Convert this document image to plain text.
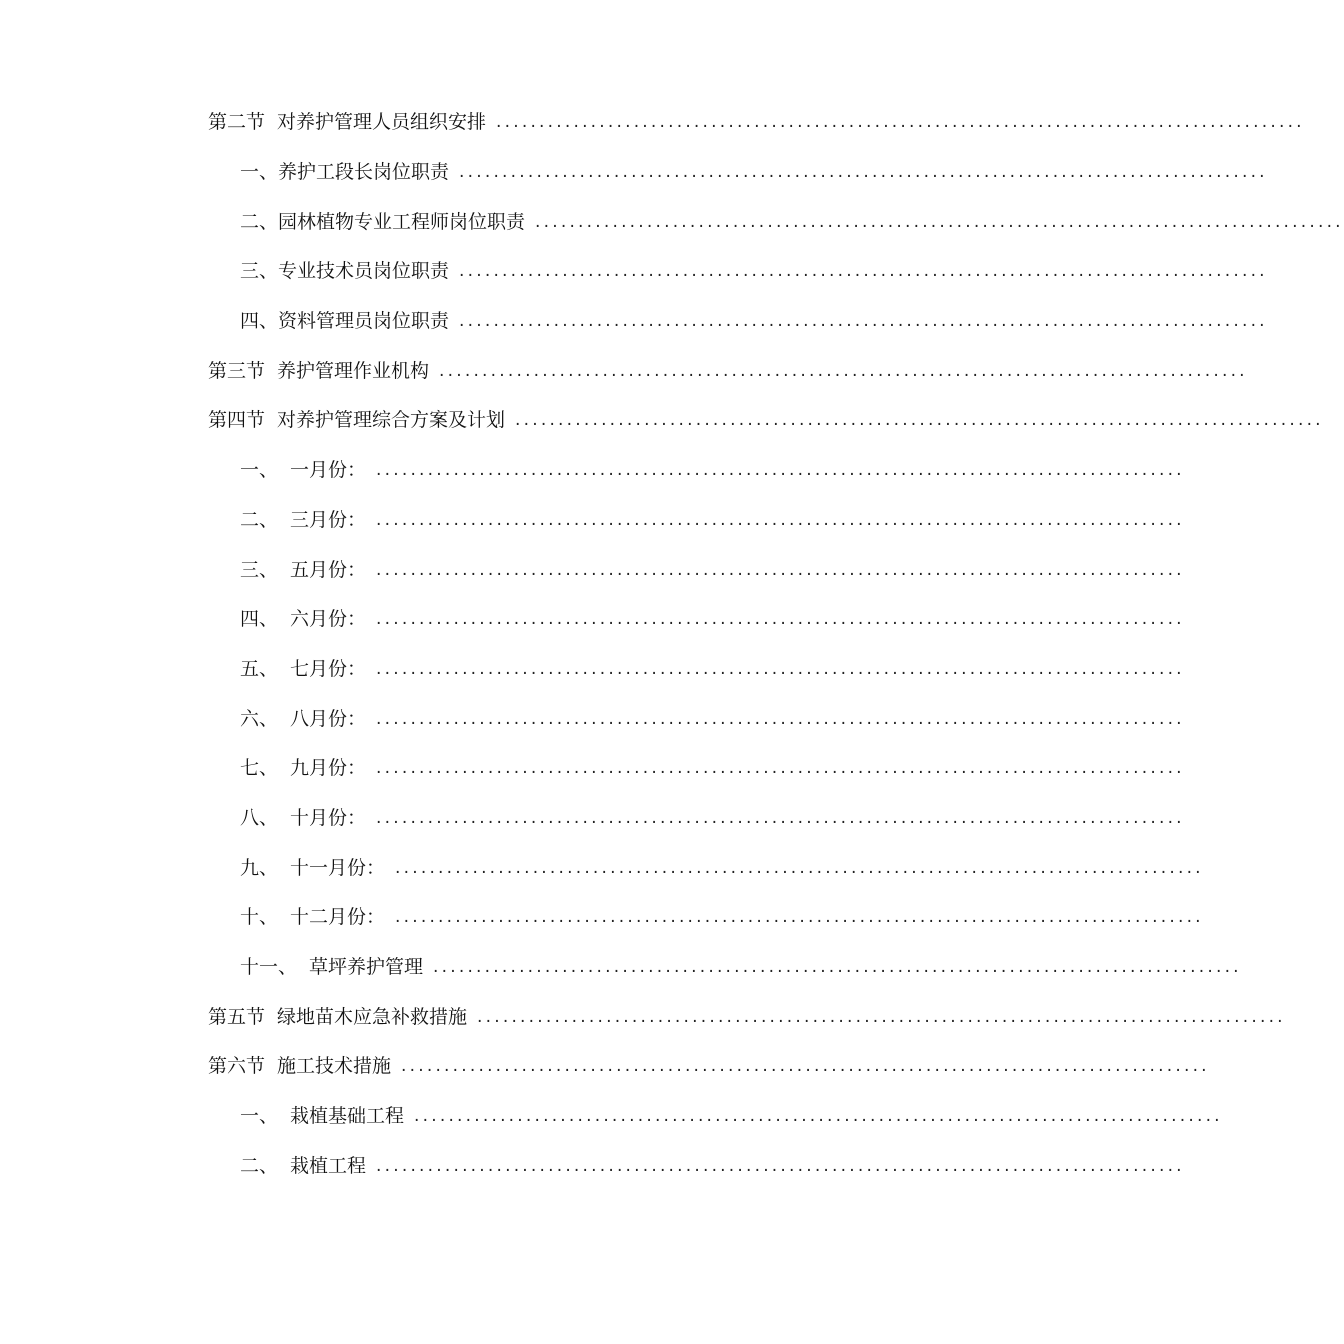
第二节 对养护管理人员组织安排 ..............................................................................................
一、 养护工段长岗位职责 ..............................................................................................
二、 园林植物专业工程师岗位职责 ..............................................................................................
三、 专业技术员岗位职责 ..............................................................................................
四、 资料管理员岗位职责 ..............................................................................................
第三节 养护管理作业机构 ..............................................................................................
第四节 对养护管理综合方案及计划 ..............................................................................................
一、 一月份： ..............................................................................................
二、 三月份： ..............................................................................................
三、 五月份： ..............................................................................................
四、 六月份： ..............................................................................................
五、 七月份： ..............................................................................................
六、 八月份： ..............................................................................................
七、 九月份： ..............................................................................................
八、 十月份： ..............................................................................................
九、 十一月份： ..............................................................................................
十、 十二月份： ..............................................................................................
十一、 草坪养护管理 ..............................................................................................
第五节 绿地苗木应急补救措施 ..............................................................................................
第六节 施工技术措施 ..............................................................................................
一、 栽植基础工程 ..............................................................................................
二、 栽植工程 ..............................................................................................
